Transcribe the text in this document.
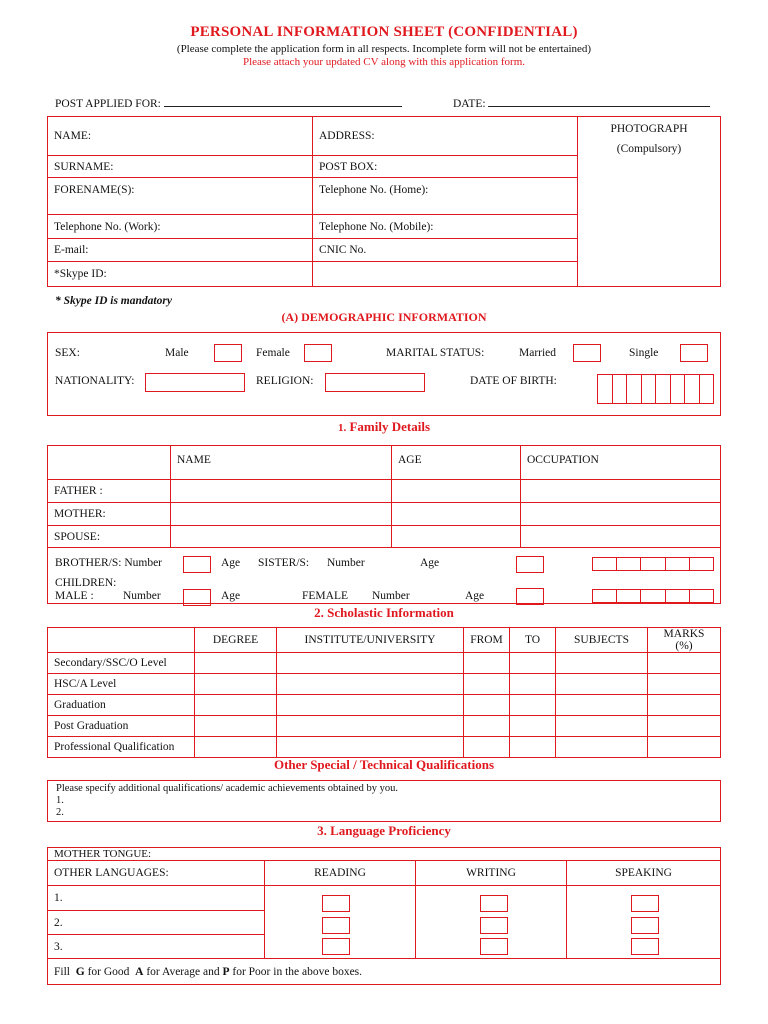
PERSONAL INFORMATION SHEET (CONFIDENTIAL)
(Please complete the application form in all respects. Incomplete form will not be entertained)
Please attach your updated CV along with this application form.
POST APPLIED FOR:	DATE:
NAME:	ADDRESS:	PHOTOGRAPH
(Compulsory)

SURNAME:	POST BOX:	
FORENAME(S):	Telephone No. (Home):	
Telephone No. (Work):	Telephone No. (Mobile):	
E-mail:	CNIC No.	
*Skype ID:		
* Skype ID is mandatory
(A) DEMOGRAPHIC INFORMATION
SEX:	Male	Female	MARITAL STATUS:	Married	Single
NATIONALITY:	RELIGION:	DATE OF BIRTH:
1. Family Details
	NAME	AGE	OCCUPATION
FATHER :			
MOTHER:			
SPOUSE:			

BROTHER/S: Number	Age SISTER/S: Number	Age
CHILDREN:
MALE :	Number	Age	FEMALE Number	Age
2. Scholastic Information
	DEGREE	INSTITUTE/UNIVERSITY	FROM	TO	SUBJECTS	MARKS (%)
Secondary/SSC/O Level						
HSC/A Level						
Graduation						
Post Graduation						
Professional Qualification						
Other Special / Technical Qualifications
Please specify additional qualifications/ academic achievements obtained by you.
1.
2.
3. Language Proficiency
MOTHER TONGUE:			
OTHER LANGUAGES:	READING	WRITING	SPEAKING
1.			
2.			
3.			
Fill G for Good A for Average and P for Poor in the above boxes.			
